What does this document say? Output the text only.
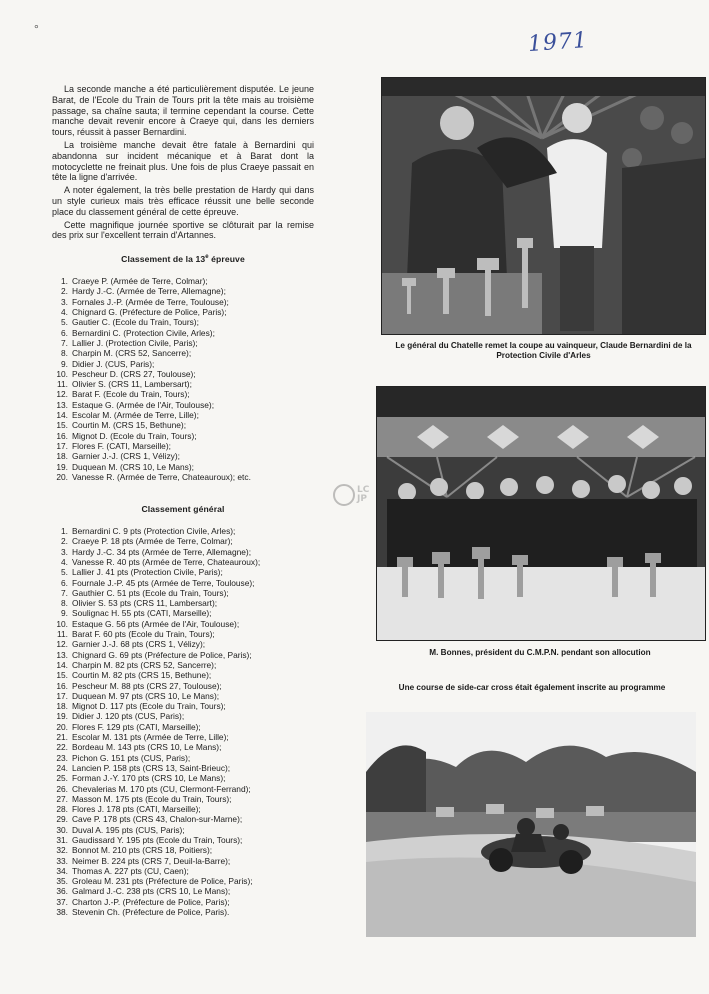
°	1971

La seconde manche a été particulièrement disputée. Le jeune Barat, de l'Ecole du Train de Tours prit la tête mais au troisième passage, sa chaîne sauta; il termine cependant la course. Cette manche devait revenir encore à Craeye qui, dans les derniers tours, réussit à passer Bernardini.

La troisième manche devait être fatale à Bernardini qui abandonna sur incident mécanique et à Barat dont la motocyclette ne freinait plus. Une fois de plus Craeye passait en tête la ligne d'arrivée.

A noter également, la très belle prestation de Hardy qui dans un style curieux mais très efficace réussit une belle seconde place du classement général de cette épreuve.

Cette magnifique journée sportive se clôturait par la remise des prix sur l'excellent terrain d'Artannes.

Classement de la 13e épreuve
1. Craeye P. (Armée de Terre, Colmar);
2. Hardy J.-C. (Armée de Terre, Allemagne);
3. Fornales J.-P. (Armée de Terre, Toulouse);
4. Chignard G. (Préfecture de Police, Paris);
5. Gautier C. (Ecole du Train, Tours);
6. Bernardini C. (Protection Civile, Arles);
7. Lallier J. (Protection Civile, Paris);
8. Charpin M. (CRS 52, Sancerre);
9. Didier J. (CUS, Paris);
10. Pescheur D. (CRS 27, Toulouse);
11. Olivier S. (CRS 11, Lambersart);
12. Barat F. (Ecole du Train, Tours);
13. Estaque G. (Armée de l'Air, Toulouse);
14. Escolar M. (Armée de Terre, Lille);
15. Courtin M. (CRS 15, Bethune);
16. Mignot D. (Ecole du Train, Tours);
17. Flores F. (CATI, Marseille);
18. Garnier J.-J. (CRS 1, Vélizy);
19. Duquean M. (CRS 10, Le Mans);
20. Vanesse R. (Armée de Terre, Chateauroux); etc.
Classement général
1. Bernardini C. 9 pts (Protection Civile, Arles);
2. Craeye P. 18 pts (Armée de Terre, Colmar);
3. Hardy J.-C. 34 pts (Armée de Terre, Allemagne);
4. Vanesse R. 40 pts (Armée de Terre, Chateauroux);
5. Lallier J. 41 pts (Protection Civile, Paris);
6. Fournale J.-P. 45 pts (Armée de Terre, Toulouse);
7. Gauthier C. 51 pts (Ecole du Train, Tours);
8. Olivier S. 53 pts (CRS 11, Lambersart);
9. Soulignac H. 55 pts (CATI, Marseille);
10. Estaque G. 56 pts (Armée de l'Air, Toulouse);
11. Barat F. 60 pts (Ecole du Train, Tours);
12. Garnier J.-J. 68 pts (CRS 1, Vélizy);
13. Chignard G. 69 pts (Préfecture de Police, Paris);
14. Charpin M. 82 pts (CRS 52, Sancerre);
15. Courtin M. 82 pts (CRS 15, Bethune);
16. Pescheur M. 88 pts (CRS 27, Toulouse);
17. Duquean M. 97 pts (CRS 10, Le Mans);
18. Mignot D. 117 pts (Ecole du Train, Tours);
19. Didier J. 120 pts (CUS, Paris);
20. Flores F. 129 pts (CATI, Marseille);
21. Escolar M. 131 pts (Armée de Terre, Lille);
22. Bordeau M. 143 pts (CRS 10, Le Mans);
23. Pichon G. 151 pts (CUS, Paris);
24. Lancien P. 158 pts (CRS 13, Saint-Brieuc);
25. Forman J.-Y. 170 pts (CRS 10, Le Mans);
26. Chevalerias M. 170 pts (CU, Clermont-Ferrand);
27. Masson M. 175 pts (Ecole du Train, Tours);
28. Flores J. 178 pts (CATI, Marseille);
29. Cave P. 178 pts (CRS 43, Chalon-sur-Marne);
30. Duval A. 195 pts (CUS, Paris);
31. Gaudissard Y. 195 pts (Ecole du Train, Tours);
32. Bonnot M. 210 pts (CRS 18, Poitiers);
33. Neimer B. 224 pts (CRS 7, Deuil-la-Barre);
34. Thomas A. 227 pts (CU, Caen);
35. Groleau M. 231 pts (Préfecture de Police, Paris);
36. Galmard J.-C. 238 pts (CRS 10, Le Mans);
37. Charton J.-P. (Préfecture de Police, Paris);
38. Stevenin Ch. (Préfecture de Police, Paris).
Le général du Chatelle remet la coupe au vainqueur, Claude Bernardini de la Protection Civile d'Arles
M. Bonnes, président du C.M.P.N. pendant son allocution
Une course de side-car cross était également inscrite au programme
LC
JP
